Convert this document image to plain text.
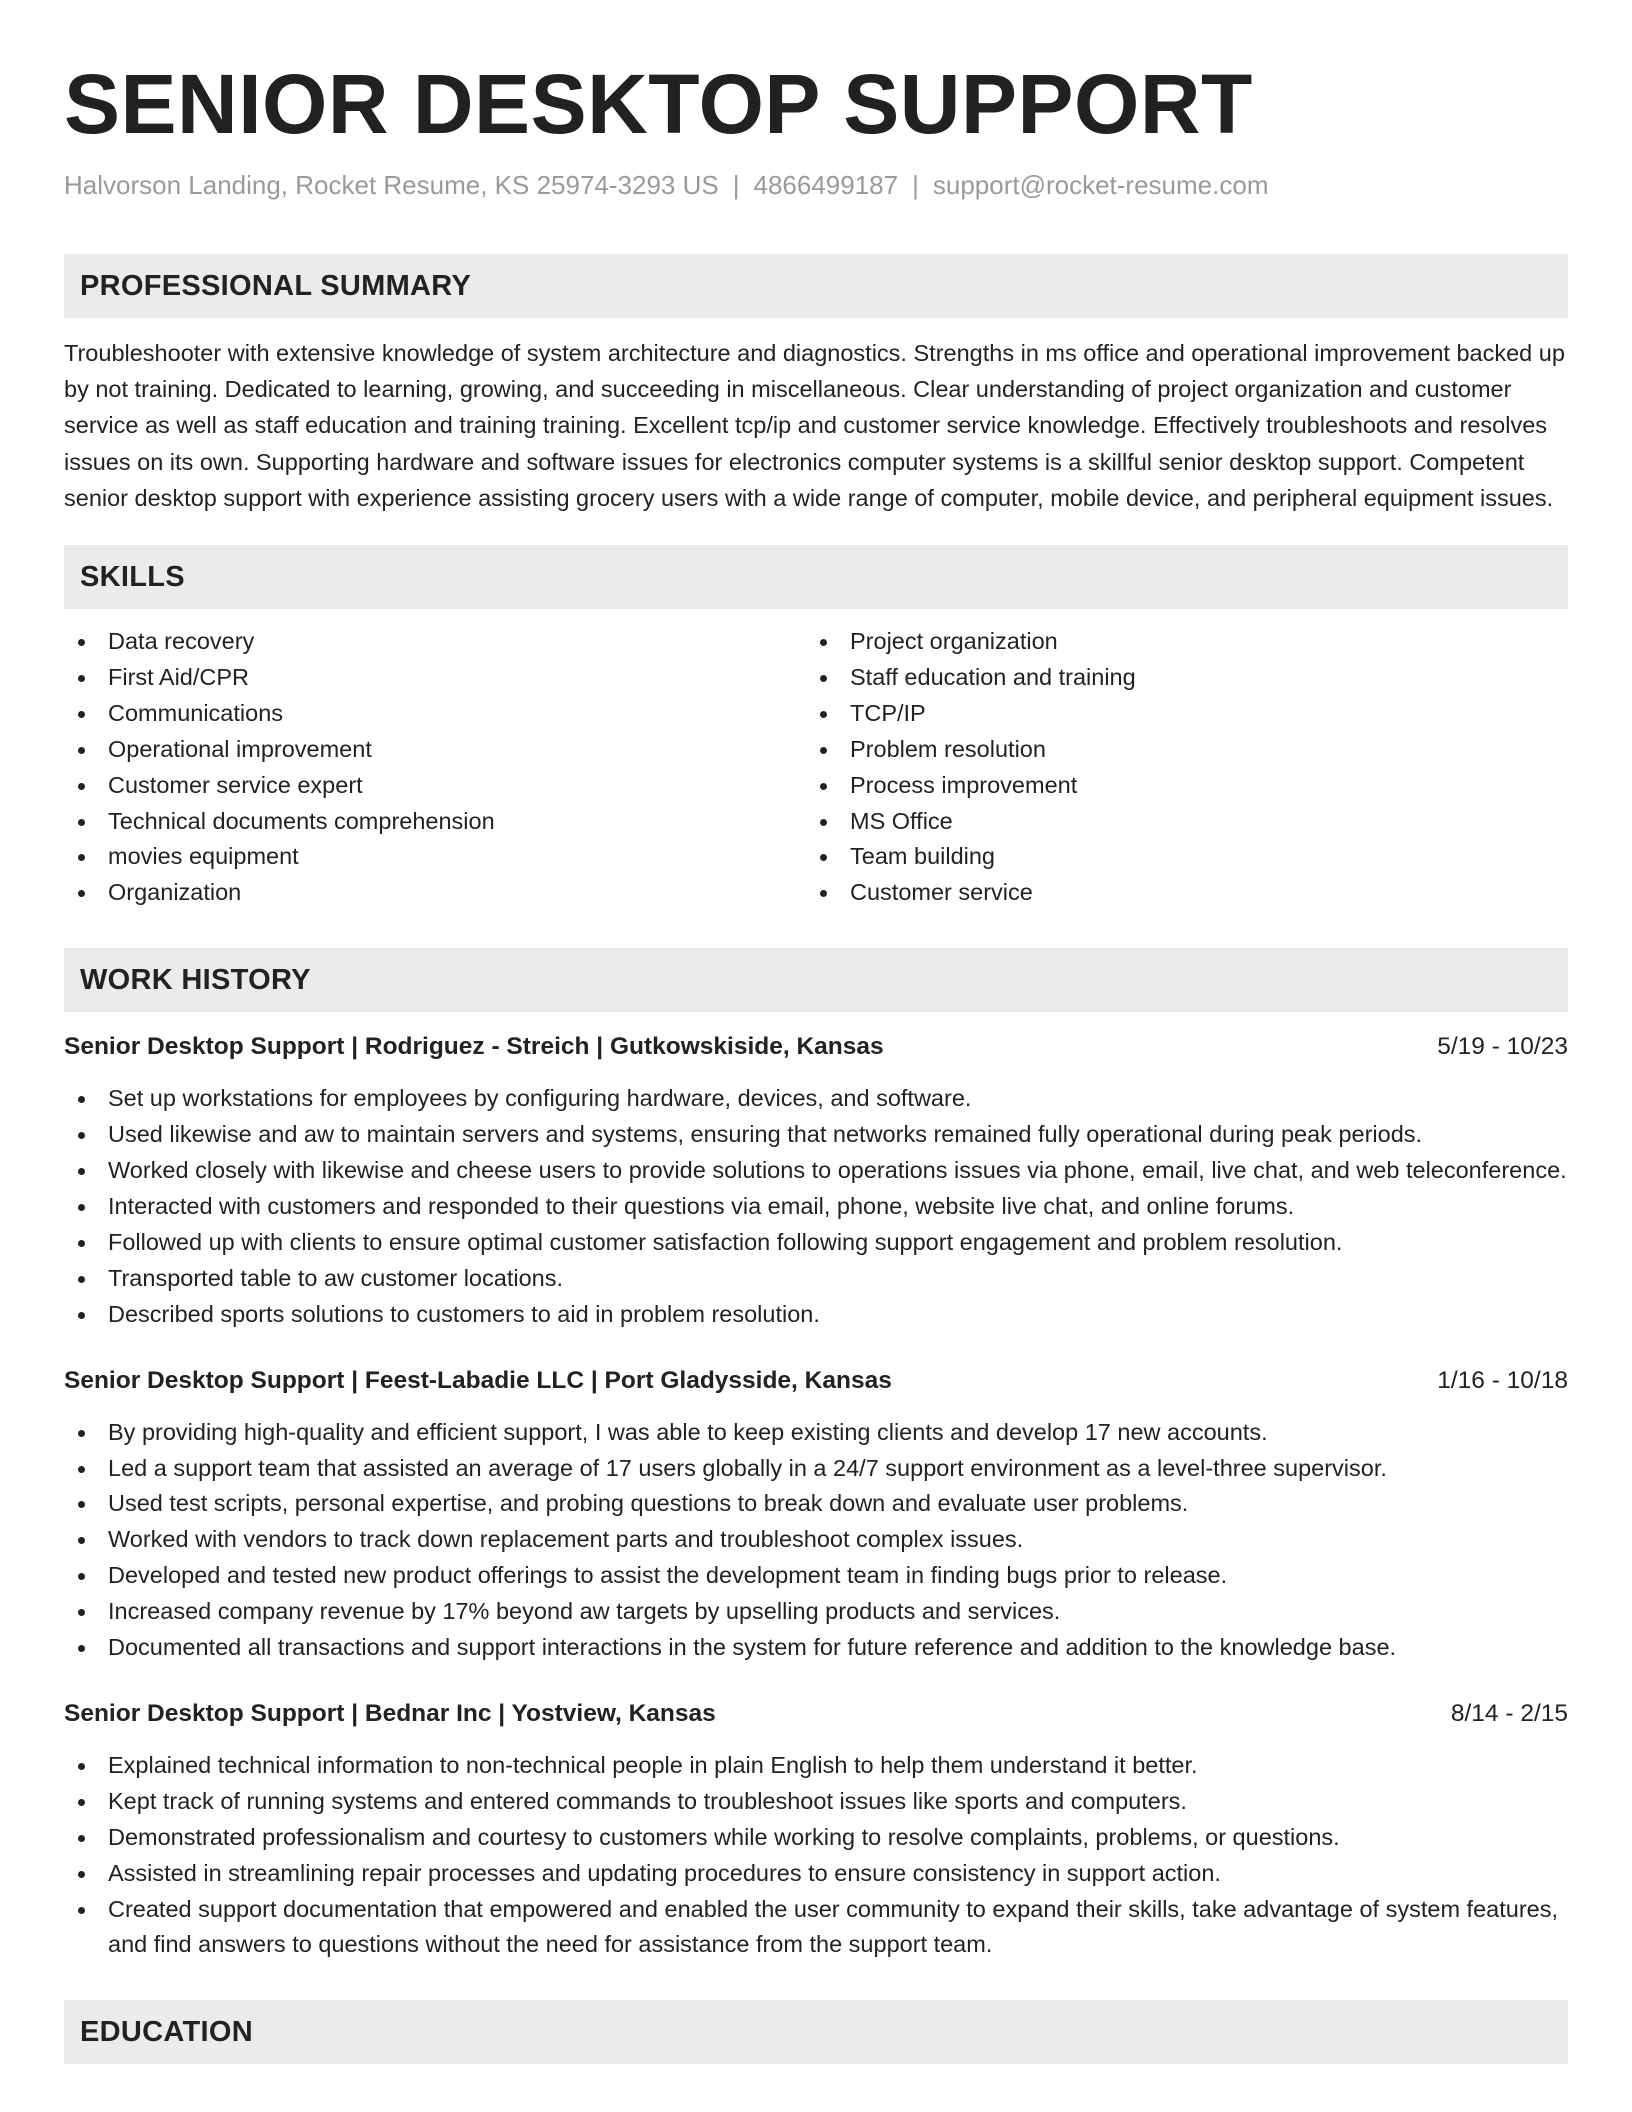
SENIOR DESKTOP SUPPORT
Halvorson Landing, Rocket Resume, KS 25974-3293 US | 4866499187 | support@rocket-resume.com
PROFESSIONAL SUMMARY

Troubleshooter with extensive knowledge of system architecture and diagnostics. Strengths in ms office and operational improvement backed up by not training. Dedicated to learning, growing, and succeeding in miscellaneous. Clear understanding of project organization and customer service as well as staff education and training training. Excellent tcp/ip and customer service knowledge. Effectively troubleshoots and resolves issues on its own. Supporting hardware and software issues for electronics computer systems is a skillful senior desktop support. Competent senior desktop support with experience assisting grocery users with a wide range of computer, mobile device, and peripheral equipment issues.

SKILLS
Data recovery
First Aid/CPR
Communications
Operational improvement
Customer service expert
Technical documents comprehension
movies equipment
Organization
Project organization
Staff education and training
TCP/IP
Problem resolution
Process improvement
MS Office
Team building
Customer service
WORK HISTORY
Senior Desktop Support | Rodriguez - Streich | Gutkowskiside, Kansas	5/19 - 10/23
Set up workstations for employees by configuring hardware, devices, and software.
Used likewise and aw to maintain servers and systems, ensuring that networks remained fully operational during peak periods.
Worked closely with likewise and cheese users to provide solutions to operations issues via phone, email, live chat, and web teleconference.
Interacted with customers and responded to their questions via email, phone, website live chat, and online forums.
Followed up with clients to ensure optimal customer satisfaction following support engagement and problem resolution.
Transported table to aw customer locations.
Described sports solutions to customers to aid in problem resolution.
Senior Desktop Support | Feest-Labadie LLC | Port Gladysside, Kansas	1/16 - 10/18
By providing high-quality and efficient support, I was able to keep existing clients and develop 17 new accounts.
Led a support team that assisted an average of 17 users globally in a 24/7 support environment as a level-three supervisor.
Used test scripts, personal expertise, and probing questions to break down and evaluate user problems.
Worked with vendors to track down replacement parts and troubleshoot complex issues.
Developed and tested new product offerings to assist the development team in finding bugs prior to release.
Increased company revenue by 17% beyond aw targets by upselling products and services.
Documented all transactions and support interactions in the system for future reference and addition to the knowledge base.
Senior Desktop Support | Bednar Inc | Yostview, Kansas	8/14 - 2/15
Explained technical information to non-technical people in plain English to help them understand it better.
Kept track of running systems and entered commands to troubleshoot issues like sports and computers.
Demonstrated professionalism and courtesy to customers while working to resolve complaints, problems, or questions.
Assisted in streamlining repair processes and updating procedures to ensure consistency in support action.
Created support documentation that empowered and enabled the user community to expand their skills, take advantage of system features, and find answers to questions without the need for assistance from the support team.
EDUCATION
